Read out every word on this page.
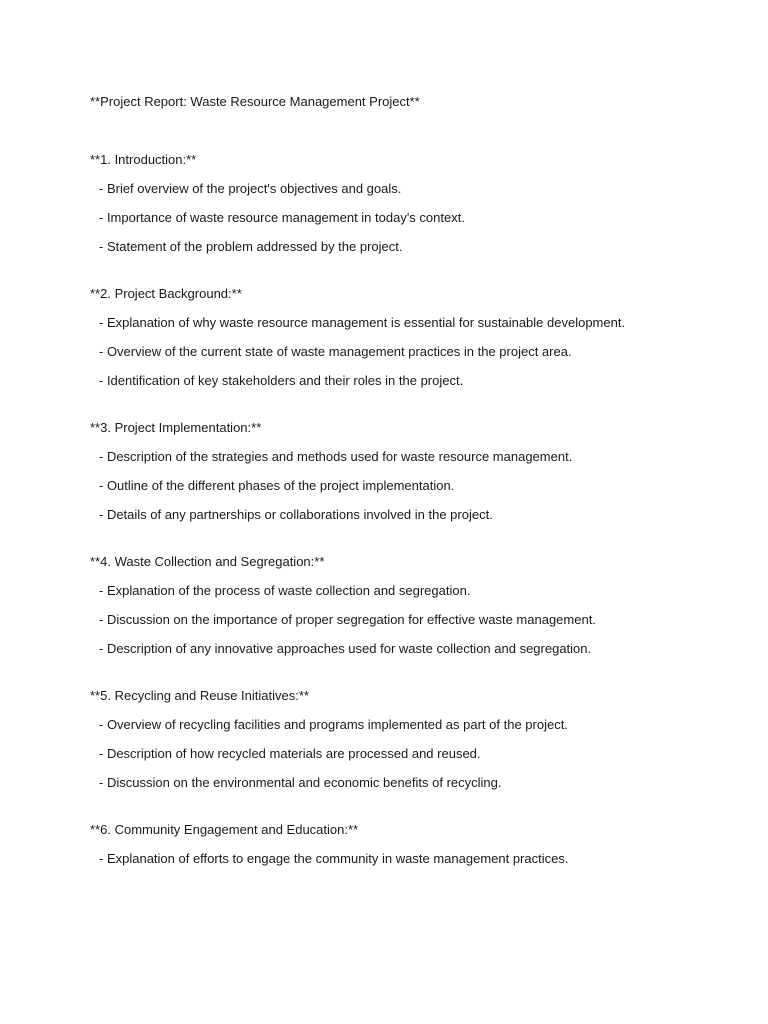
**Project Report: Waste Resource Management Project**

**1. Introduction:**

- Brief overview of the project's objectives and goals.

- Importance of waste resource management in today's context.

- Statement of the problem addressed by the project.

**2. Project Background:**

- Explanation of why waste resource management is essential for sustainable development.

- Overview of the current state of waste management practices in the project area.

- Identification of key stakeholders and their roles in the project.

**3. Project Implementation:**

- Description of the strategies and methods used for waste resource management.

- Outline of the different phases of the project implementation.

- Details of any partnerships or collaborations involved in the project.

**4. Waste Collection and Segregation:**

- Explanation of the process of waste collection and segregation.

- Discussion on the importance of proper segregation for effective waste management.

- Description of any innovative approaches used for waste collection and segregation.

**5. Recycling and Reuse Initiatives:**

- Overview of recycling facilities and programs implemented as part of the project.

- Description of how recycled materials are processed and reused.

- Discussion on the environmental and economic benefits of recycling.

**6. Community Engagement and Education:**

- Explanation of efforts to engage the community in waste management practices.
